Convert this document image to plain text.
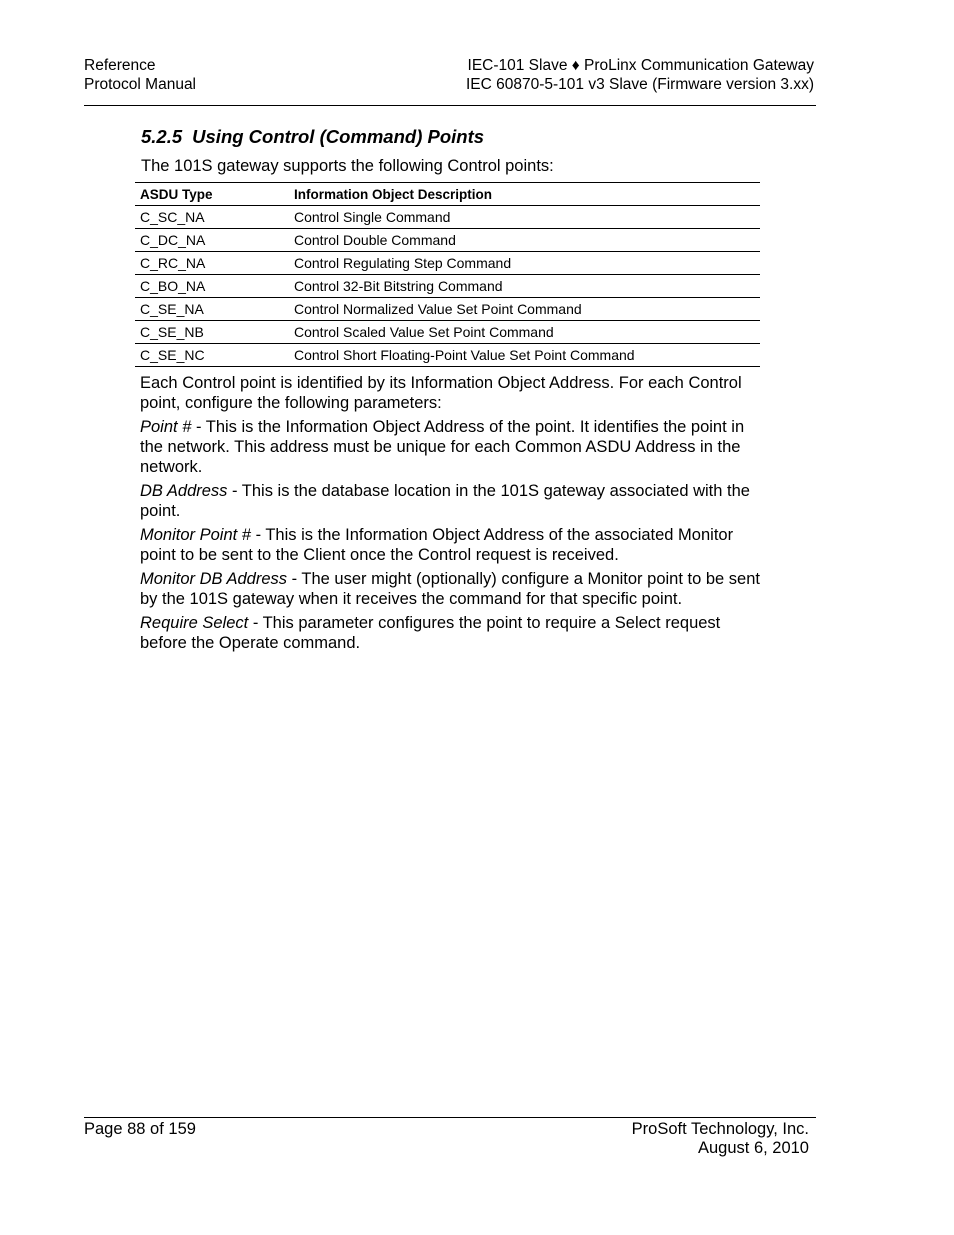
Reference
Protocol Manual
IEC-101 Slave ♦ ProLinx Communication Gateway
IEC 60870-5-101 v3 Slave (Firmware version 3.xx)
5.2.5 Using Control (Command) Points
The 101S gateway supports the following Control points:
ASDU Type	Information Object Description
C_SC_NA	Control Single Command
C_DC_NA	Control Double Command
C_RC_NA	Control Regulating Step Command
C_BO_NA	Control 32-Bit Bitstring Command
C_SE_NA	Control Normalized Value Set Point Command
C_SE_NB	Control Scaled Value Set Point Command
C_SE_NC	Control Short Floating-Point Value Set Point Command

Each Control point is identified by its Information Object Address. For each Control point, configure the following parameters:

Point # - This is the Information Object Address of the point. It identifies the point in the network. This address must be unique for each Common ASDU Address in the network.

DB Address - This is the database location in the 101S gateway associated with the point.

Monitor Point # - This is the Information Object Address of the associated Monitor point to be sent to the Client once the Control request is received.

Monitor DB Address - The user might (optionally) configure a Monitor point to be sent by the 101S gateway when it receives the command for that specific point.

Require Select - This parameter configures the point to require a Select request before the Operate command.

Page 88 of 159	ProSoft Technology, Inc.
August 6, 2010
